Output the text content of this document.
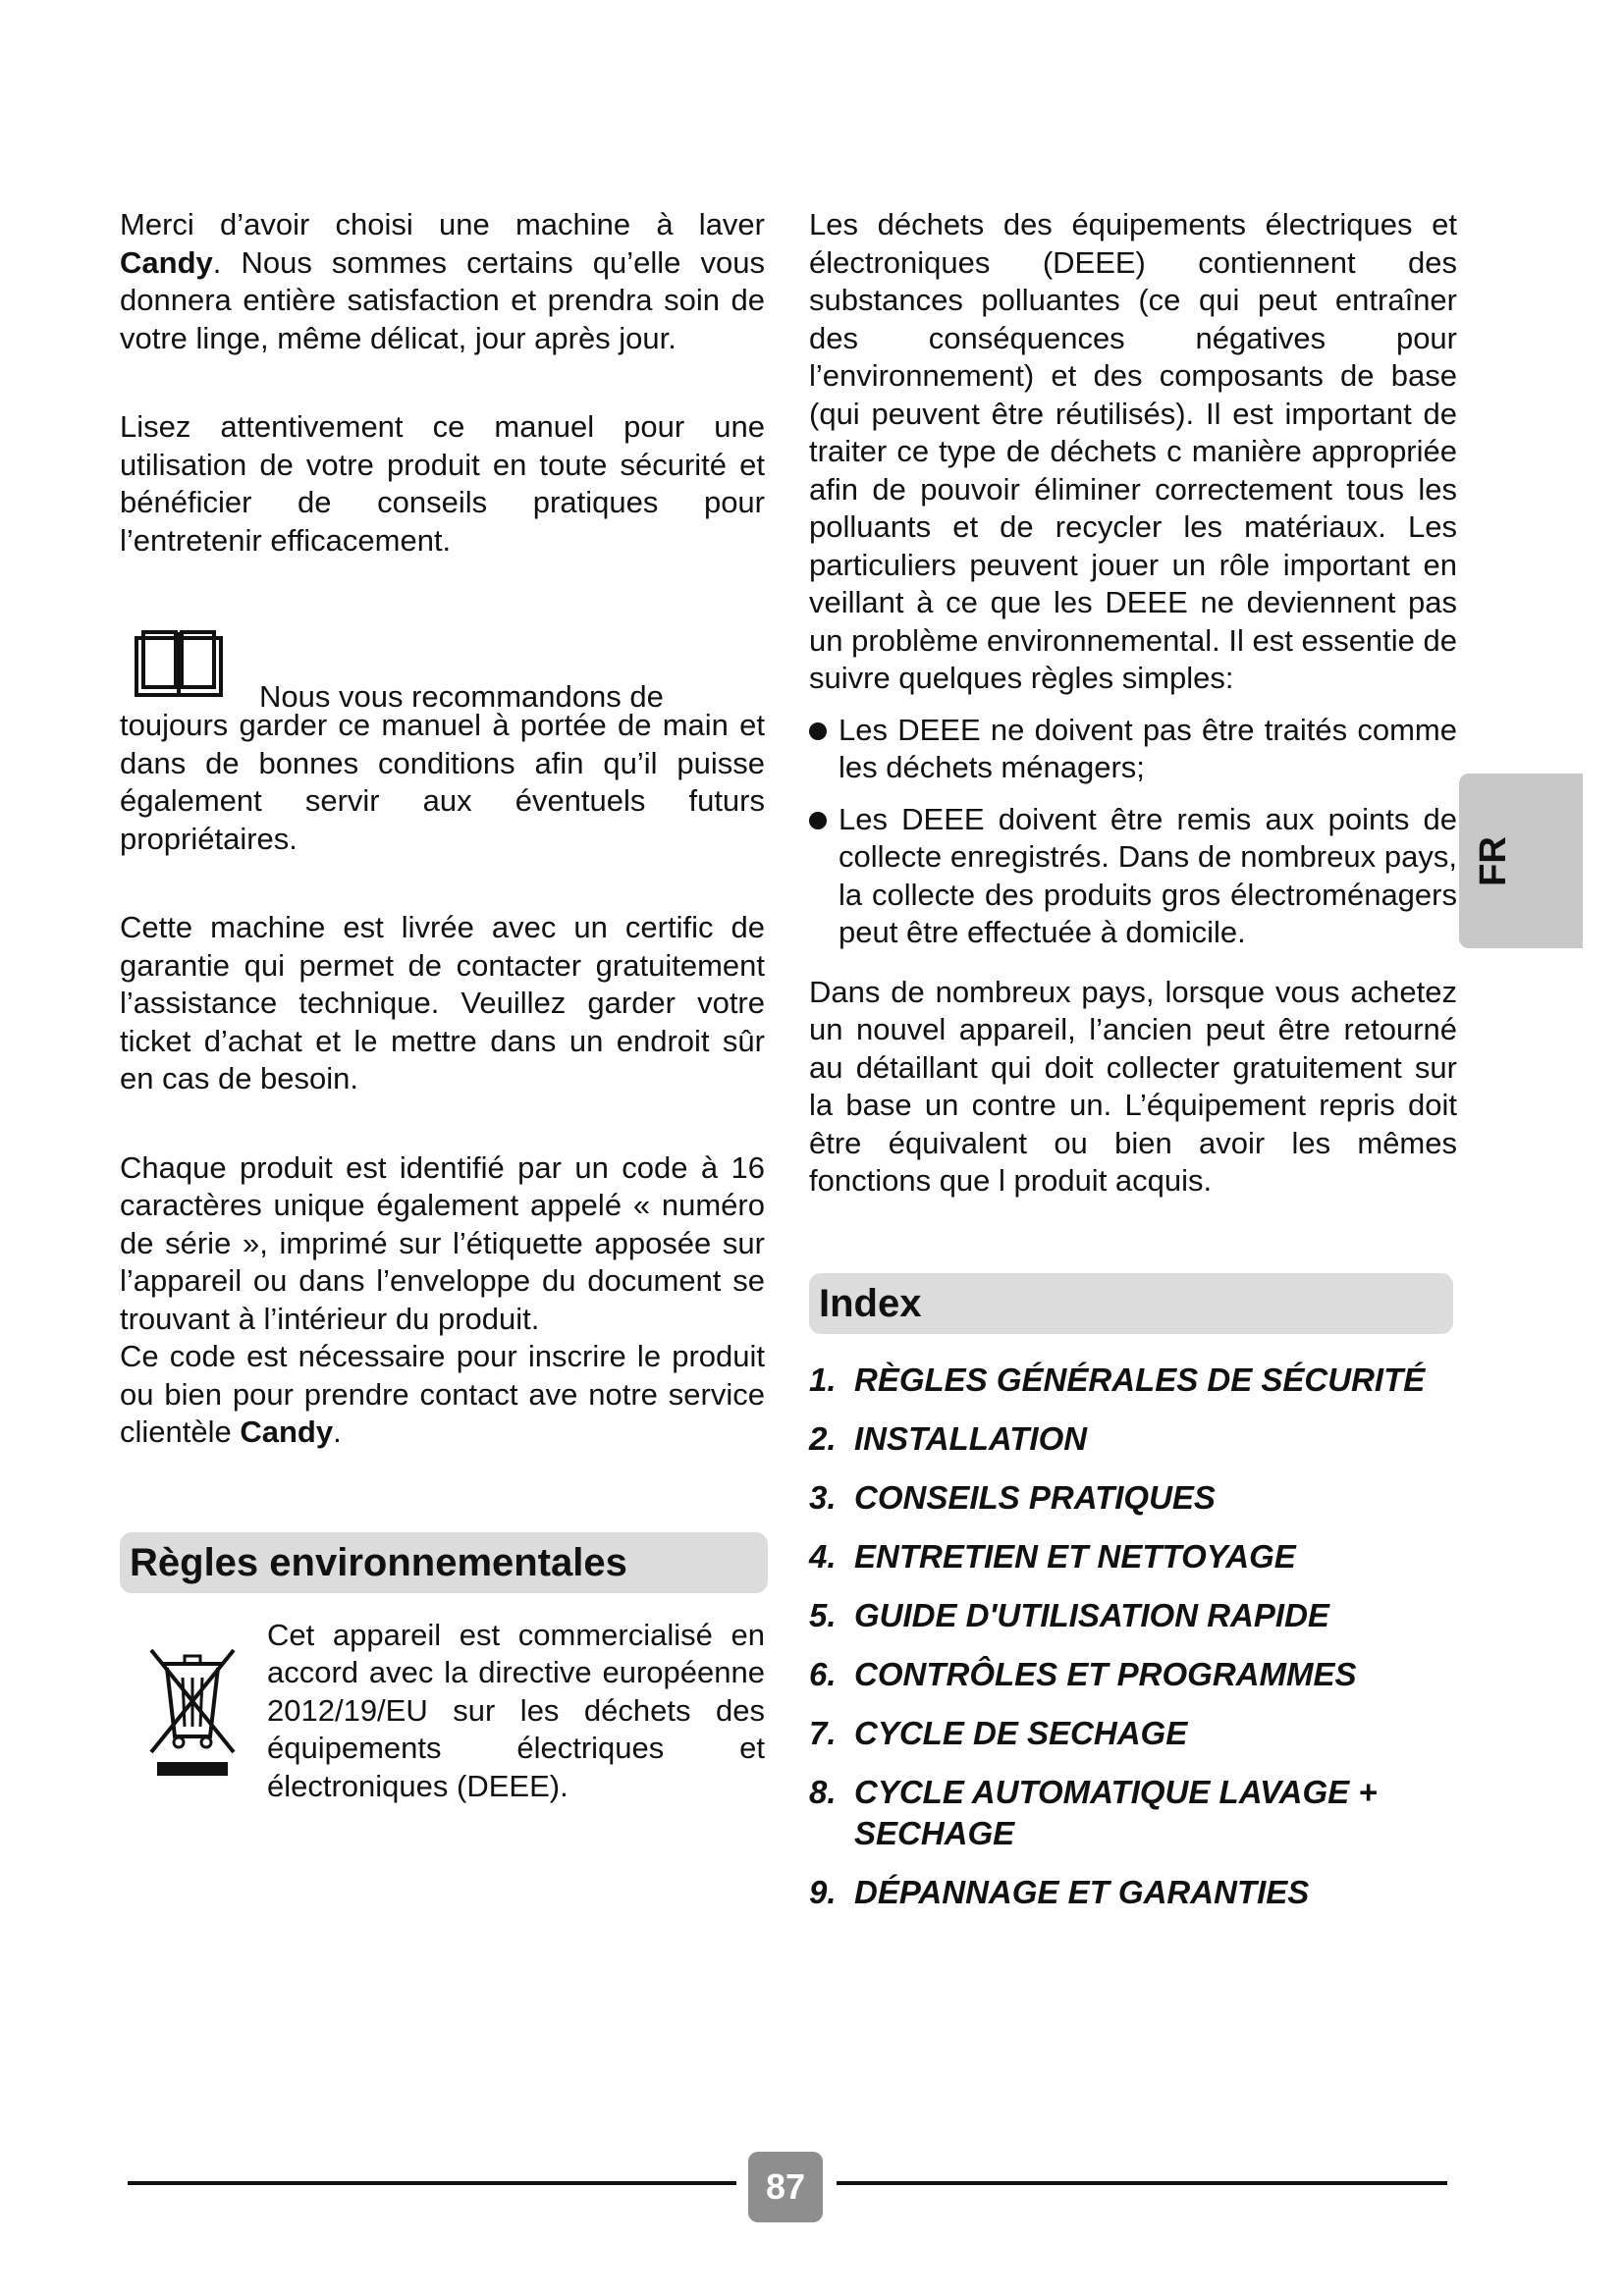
Merci d’avoir choisi une machine à laver Candy. Nous sommes certains qu’elle vous donnera entière satisfaction et prendra soin de votre linge, même délicat, jour après jour.

Lisez attentivement ce manuel pour une utilisation de votre produit en toute sécurité et bénéficier de conseils pratiques pour l’entretenir efficacement.

Nous vous recommandons de

toujours garder ce manuel à portée de main et dans de bonnes conditions afin qu’il puisse également servir aux éventuels futurs propriétaires.

Cette machine est livrée avec un certific de garantie qui permet de contacter gratuitement l’assistance technique. Veuillez garder votre ticket d’achat et le mettre dans un endroit sûr en cas de besoin.

Chaque produit est identifié par un code à 16 caractères unique également appelé « numéro de série », imprimé sur l’étiquette apposée sur l’appareil ou dans l’enveloppe du document se trouvant à l’intérieur du produit.

Ce code est nécessaire pour inscrire le produit ou bien pour prendre contact ave notre service clientèle Candy.

Règles environnementales

Cet appareil est commercialisé en accord avec la directive européenne 2012/19/EU sur les déchets des équipements électriques et électroniques (DEEE).

Les déchets des équipements électriques et électroniques (DEEE) contiennent des substances polluantes (ce qui peut entraîner des conséquences négatives pour l’environnement) et des composants de base (qui peuvent être réutilisés). Il est important de traiter ce type de déchets c manière appropriée afin de pouvoir éliminer correctement tous les polluants et de recycler les matériaux. Les particuliers peuvent jouer un rôle important en veillant à ce que les DEEE ne deviennent pas un problème environnemental. Il est essentie de suivre quelques règles simples:

Les DEEE ne doivent pas être traités comme les déchets ménagers;

Les DEEE doivent être remis aux points de collecte enregistrés. Dans de nombreux pays, la collecte des produits gros électroménagers peut être effectuée à domicile.

Dans de nombreux pays, lorsque vous achetez un nouvel appareil, l’ancien peut être retourné au détaillant qui doit collecter gratuitement sur la base un contre un. L’équipement repris doit être équivalent ou bien avoir les mêmes fonctions que l produit acquis.

Index
1. RÈGLES GÉNÉRALES DE SÉCURITÉ
2. INSTALLATION
3. CONSEILS PRATIQUES
4. ENTRETIEN ET NETTOYAGE
5. GUIDE D'UTILISATION RAPIDE
6. CONTRÔLES ET PROGRAMMES
7. CYCLE DE SECHAGE
8. CYCLE AUTOMATIQUE LAVAGE + SECHAGE
9. DÉPANNAGE ET GARANTIES
FR
87
